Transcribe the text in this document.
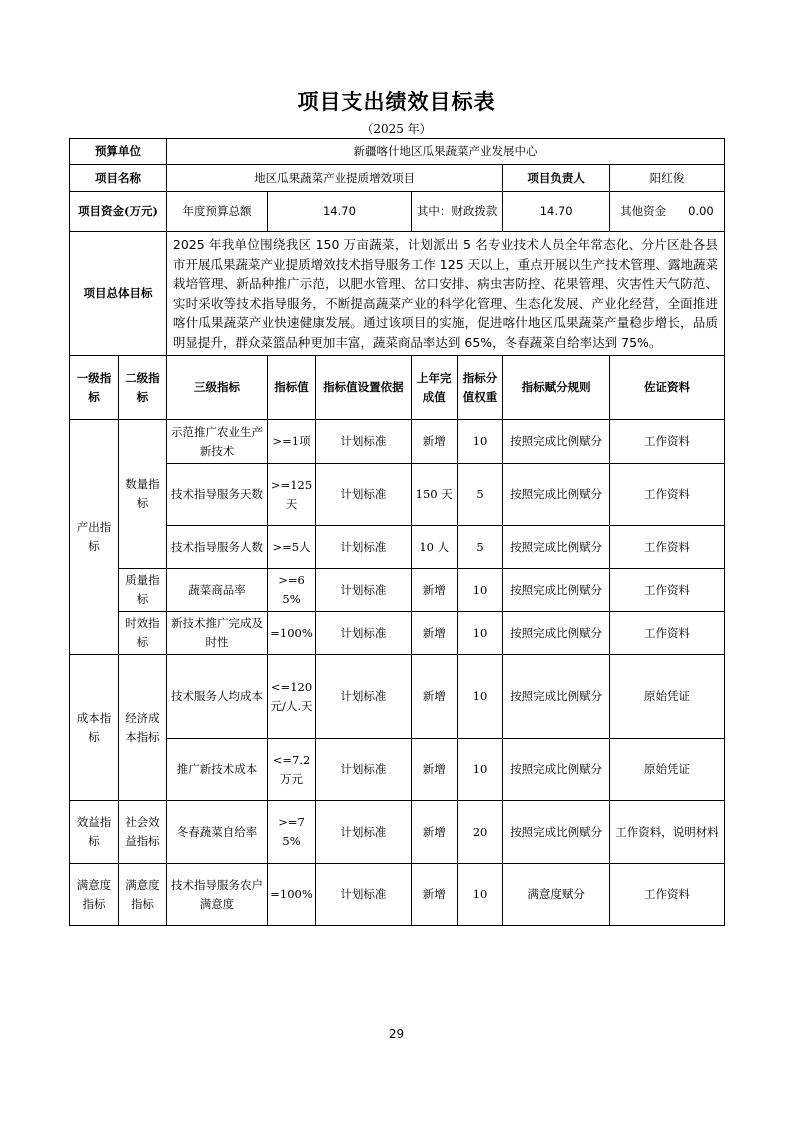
项目支出绩效目标表
（2025 年）
预算单位		新疆喀什地区瓜果蔬菜产业发展中心						
项目名称		地区瓜果蔬菜产业提质增效项目					项目负责人	阳红俊
项目资金(万元)		年度预算总额	14.70		其中：财政拨款		14.70	其他资金 0.00
项目总体目标		2025 年我单位围绕我区 150 万亩蔬菜，计划派出 5 名专业技术人员全年常态化、分片区赴各县市开展瓜果蔬菜产业提质增效技术指导服务工作 125 天以上，重点开展以生产技术管理、露地蔬菜栽培管理、新品种推广示范，以肥水管理、岔口安排、病虫害防控、花果管理、灾害性天气防范、实时采收等技术指导服务，不断提高蔬菜产业的科学化管理、生态化发展、产业化经营，全面推进喀什瓜果蔬菜产业快速健康发展。通过该项目的实施，促进喀什地区瓜果蔬菜产量稳步增长，品质明显提升，群众菜篮品种更加丰富，蔬菜商品率达到 65%，冬春蔬菜自给率达到 75%。						
一级指标	二级指标	三级指标	指标值	指标值设置依据	上年完成值	指标分值权重	指标赋分规则	佐证资料
产出指标	数量指标	示范推广农业生产新技术	>=1项	计划标准	新增	10	按照完成比例赋分	工作资料
		技术指导服务天数	>=125天	计划标准	150 天	5	按照完成比例赋分	工作资料
		技术指导服务人数	>=5人	计划标准	10 人	5	按照完成比例赋分	工作资料
	质量指标	蔬菜商品率	>=65%	计划标准	新增	10	按照完成比例赋分	工作资料
	时效指标	新技术推广完成及时性	=100%	计划标准	新增	10	按照完成比例赋分	工作资料
成本指标	经济成本指标	技术服务人均成本	<=120元/人.天	计划标准	新增	10	按照完成比例赋分	原始凭证
		推广新技术成本	<=7.2万元	计划标准	新增	10	按照完成比例赋分	原始凭证
效益指标	社会效益指标	冬春蔬菜自给率	>=75%	计划标准	新增	20	按照完成比例赋分	工作资料，说明材料
满意度指标	满意度指标	技术指导服务农户满意度	=100%	计划标准	新增	10	满意度赋分	工作资料
29
